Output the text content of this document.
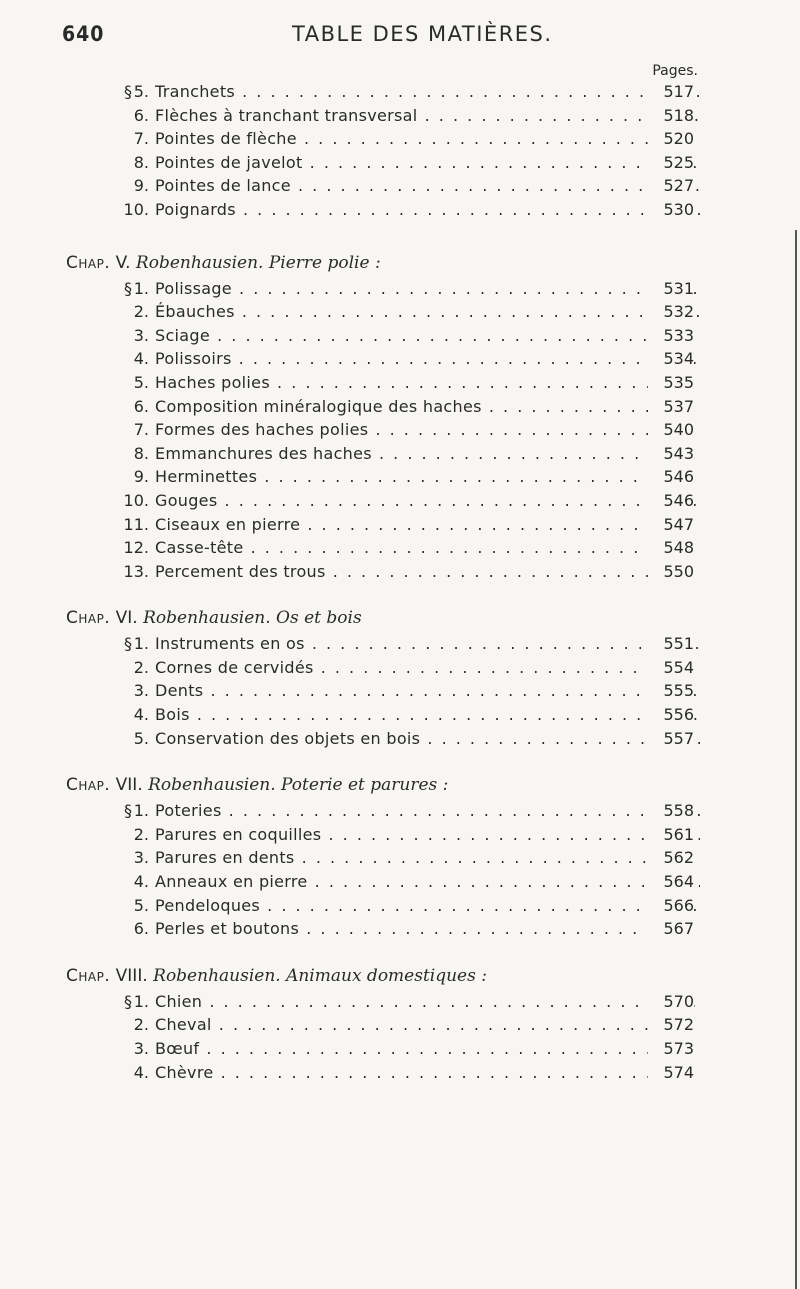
640	TABLE DES MATIÈRES.
Pages.
§ 5. Tranchets . . .	517
6. Flèches à tranchant transversal . . .	518
7. Pointes de flèche . . .	520
8. Pointes de javelot . . .	525
9. Pointes de lance . . .	527
10. Poignards . . .	530
Chap. V. Robenhausien. Pierre polie :
§ 1. Polissage . . .	531
2. Ébauches . . .	532
3. Sciage . . .	533
4. Polissoirs . . .	534
5. Haches polies . . .	535
6. Composition minéralogique des haches . . .	537
7. Formes des haches polies . . .	540
8. Emmanchures des haches . . .	543
9. Herminettes . . .	546
10. Gouges . . .	546
11. Ciseaux en pierre . . .	547
12. Casse-tête . . .	548
13. Percement des trous . . .	550
Chap. VI. Robenhausien. Os et bois
§ 1. Instruments en os . . .	551
2. Cornes de cervidés . . .	554
3. Dents . . .	555
4. Bois . . .	556
5. Conservation des objets en bois . . .	557
Chap. VII. Robenhausien. Poterie et parures :
§ 1. Poteries . . .	558
2. Parures en coquilles . . .	561
3. Parures en dents . . .	562
4. Anneaux en pierre . . .	564
5. Pendeloques . . .	566
6. Perles et boutons . . .	567
Chap. VIII. Robenhausien. Animaux domestiques :
§ 1. Chien . . .	570
2. Cheval . . .	572
3. Bœuf . . .	573
4. Chèvre . . .	574
